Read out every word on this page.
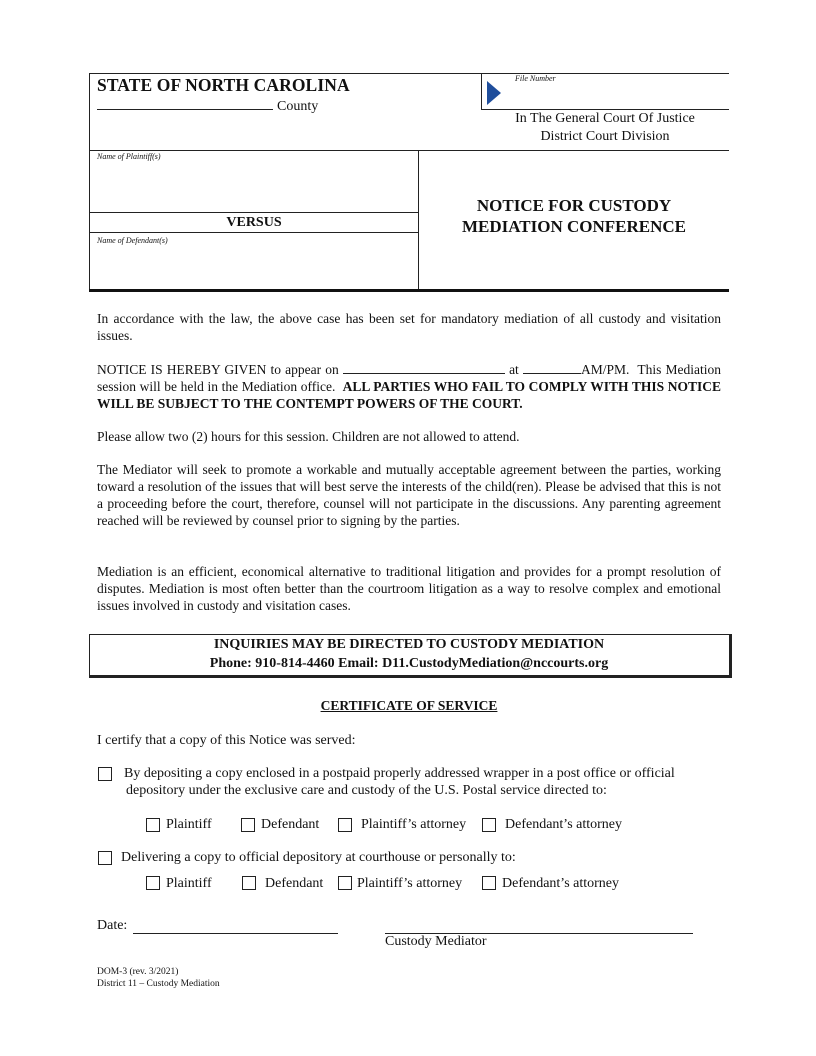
STATE OF NORTH CAROLINA
County
File Number
In The General Court Of Justice
District Court Division
Name of Plaintiff(s)
VERSUS
Name of Defendant(s)
NOTICE FOR CUSTODY
MEDIATION CONFERENCE
In accordance with the law, the above case has been set for mandatory mediation of all custody and visitation issues.
NOTICE IS HEREBY GIVEN to appear on	at	AM/PM. This Mediation session will be held in the Mediation office. ALL PARTIES WHO FAIL TO COMPLY WITH THIS NOTICE WILL BE SUBJECT TO THE CONTEMPT POWERS OF THE COURT.
Please allow two (2) hours for this session. Children are not allowed to attend.
The Mediator will seek to promote a workable and mutually acceptable agreement between the parties, working toward a resolution of the issues that will best serve the interests of the child(ren). Please be advised that this is not a proceeding before the court, therefore, counsel will not participate in the discussions. Any parenting agreement reached will be reviewed by counsel prior to signing by the parties.
Mediation is an efficient, economical alternative to traditional litigation and provides for a prompt resolution of disputes. Mediation is most often better than the courtroom litigation as a way to resolve complex and emotional issues involved in custody and visitation cases.
INQUIRIES MAY BE DIRECTED TO CUSTODY MEDIATION
Phone: 910-814-4460 Email: D11.CustodyMediation@nccourts.org
CERTIFICATE OF SERVICE
I certify that a copy of this Notice was served:
By depositing a copy enclosed in a postpaid properly addressed wrapper in a post office or official
depository under the exclusive care and custody of the U.S. Postal service directed to:
Plaintiff	Defendant	Plaintiff’s attorney	Defendant’s attorney
Delivering a copy to official depository at courthouse or personally to:
Plaintiff	Defendant Plaintiff’s attorney	Defendant’s attorney
Date:
Custody Mediator
DOM-3 (rev. 3/2021)
District 11 – Custody Mediation
